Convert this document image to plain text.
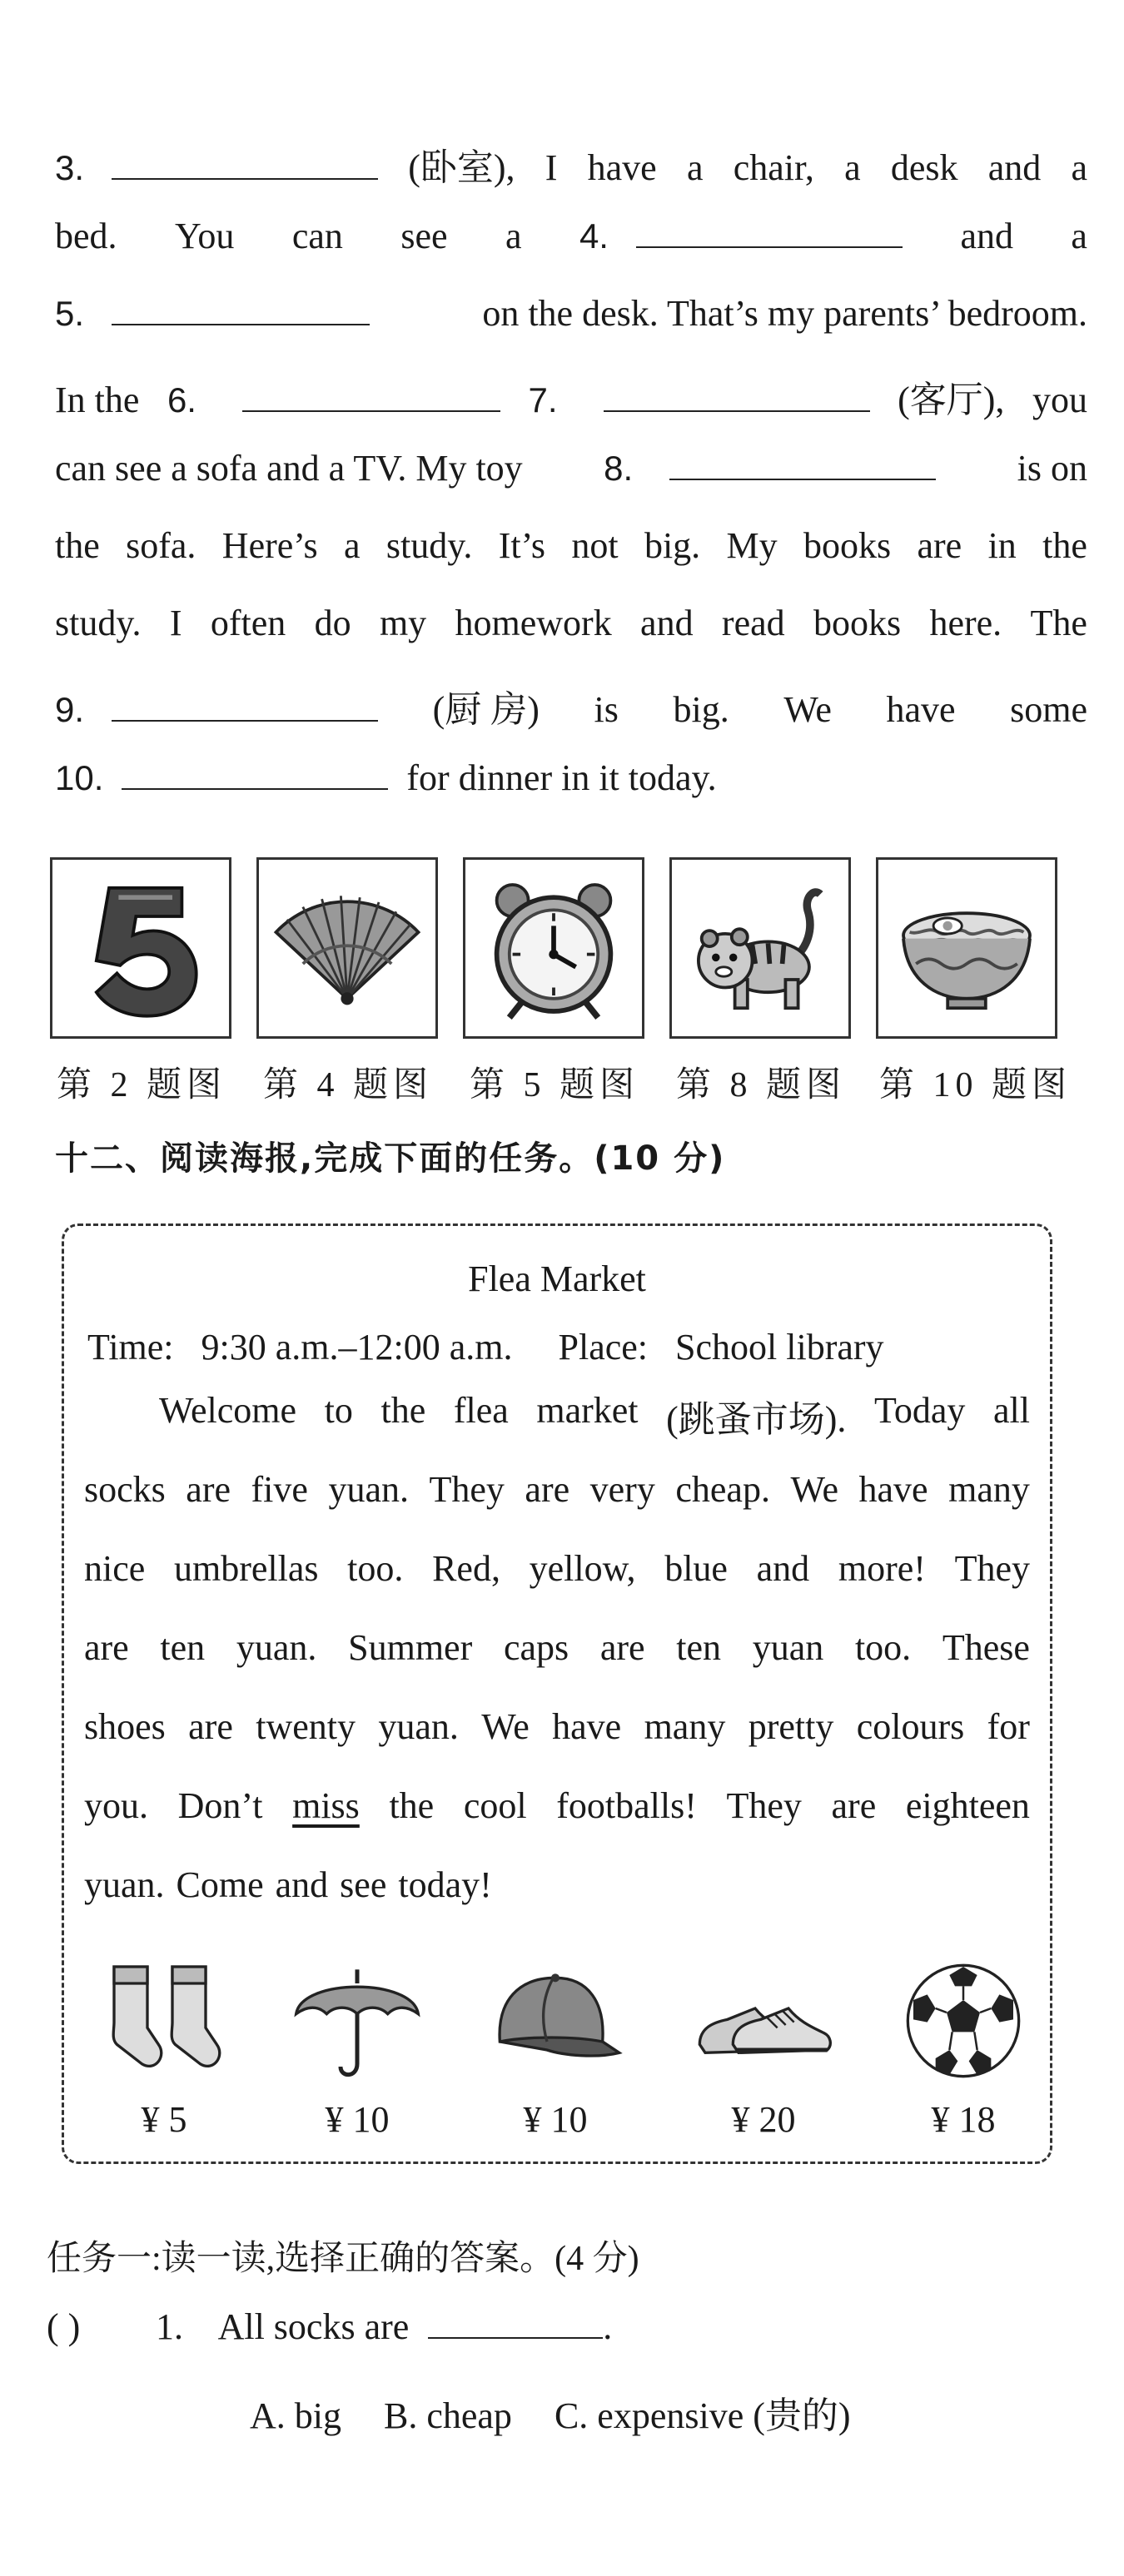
3.	(卧室), I have a chair, a desk and a
bed. You can see a 4.	and a
5.	on the desk. That’s my parents’ bedroom.
In the 6.	7.	(客厅), you
can see a sofa and a TV. My toy 8.	is on
the sofa. Here’s a study. It’s not big. My books are in the
study. I often do my homework and read books here. The
9.	(厨 房) is big. We have some
10.	for dinner in it today.
第 2 题图 第 4 题图 第 5 题图 第 8 题图 第 10 题图
十二、阅读海报,完成下面的任务。(10 分)
Flea Market
Time: 9:30 a.m.–12:00 a.m. Place: School library
Welcome to the flea market (跳蚤市场). Today all
socks are five yuan. They are very cheap. We have many
nice umbrellas too. Red, yellow, blue and more! They
are ten yuan. Summer caps are ten yuan too. These
shoes are twenty yuan. We have many pretty colours for
you. Don’t miss the cool footballs! They are eighteen
yuan. Come and see today!
¥ 5	¥ 10	¥ 10	¥ 20	¥ 18
任务一:读一读,选择正确的答案。(4 分)
( ) 1. All socks are	.
A. big B. cheap C. expensive (贵的)
